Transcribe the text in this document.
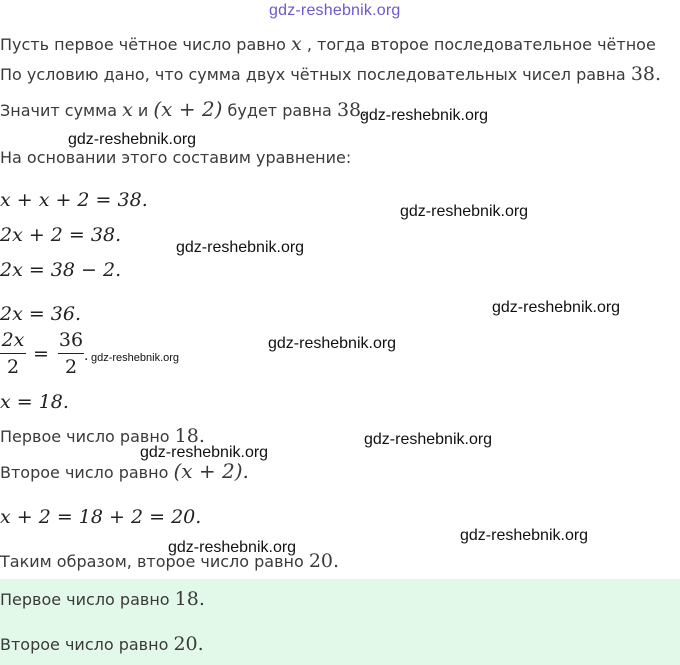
gdz-reshebnik.org
Пусть первое чётное число равно x , тогда второе последовательное чётное
По условию дано, что сумма двух чётных последовательных чисел равна 38.
Значит сумма x и (x + 2) будет равна 38.
gdz-reshebnik.org
gdz-reshebnik.org
На основании этого составим уравнение:
x + x + 2 = 38.
gdz-reshebnik.org
2x + 2 = 38.
gdz-reshebnik.org
2x = 38 − 2.
2x = 36.	gdz-reshebnik.org
2x
2
=
36
2 . gdz-reshebnik.org
gdz-reshebnik.org
x = 18.
Первое число равно 18.	gdz-reshebnik.org
gdz-reshebnik.org
Второе число равно (x + 2).
x + 2 = 18 + 2 = 20.
gdz-reshebnik.org
gdz-reshebnik.org
Таким образом, второе число равно 20.
Первое число равно 18.
Второе число равно 20.
